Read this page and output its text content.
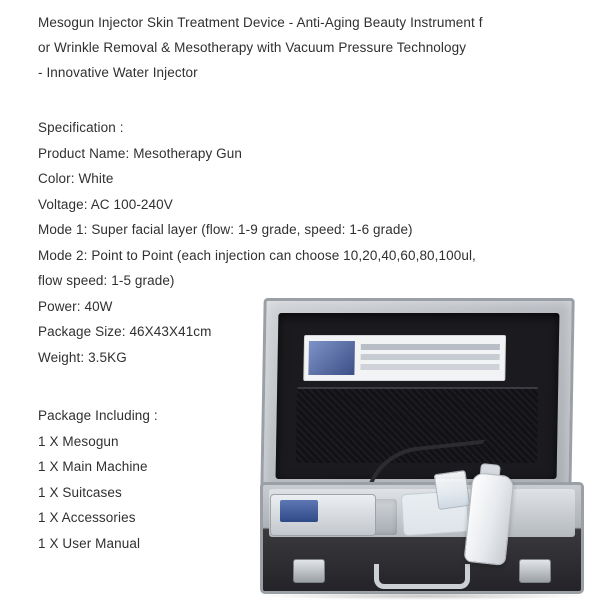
Mesogun Injector Skin Treatment Device - Anti-Aging Beauty Instrument f
or Wrinkle Removal & Mesotherapy with Vacuum Pressure Technology
- Innovative Water Injector
Specification :
Product Name: Mesotherapy Gun
Color: White
Voltage: AC 100-240V
Mode 1: Super facial layer (flow: 1-9 grade, speed: 1-6 grade)
Mode 2: Point to Point (each injection can choose 10,20,40,60,80,100ul,
flow speed: 1-5 grade)
Power: 40W
Package Size: 46X43X41cm
Weight: 3.5KG
Package Including :
1 X Mesogun
1 X Main Machine
1 X Suitcases
1 X Accessories
1 X User Manual
